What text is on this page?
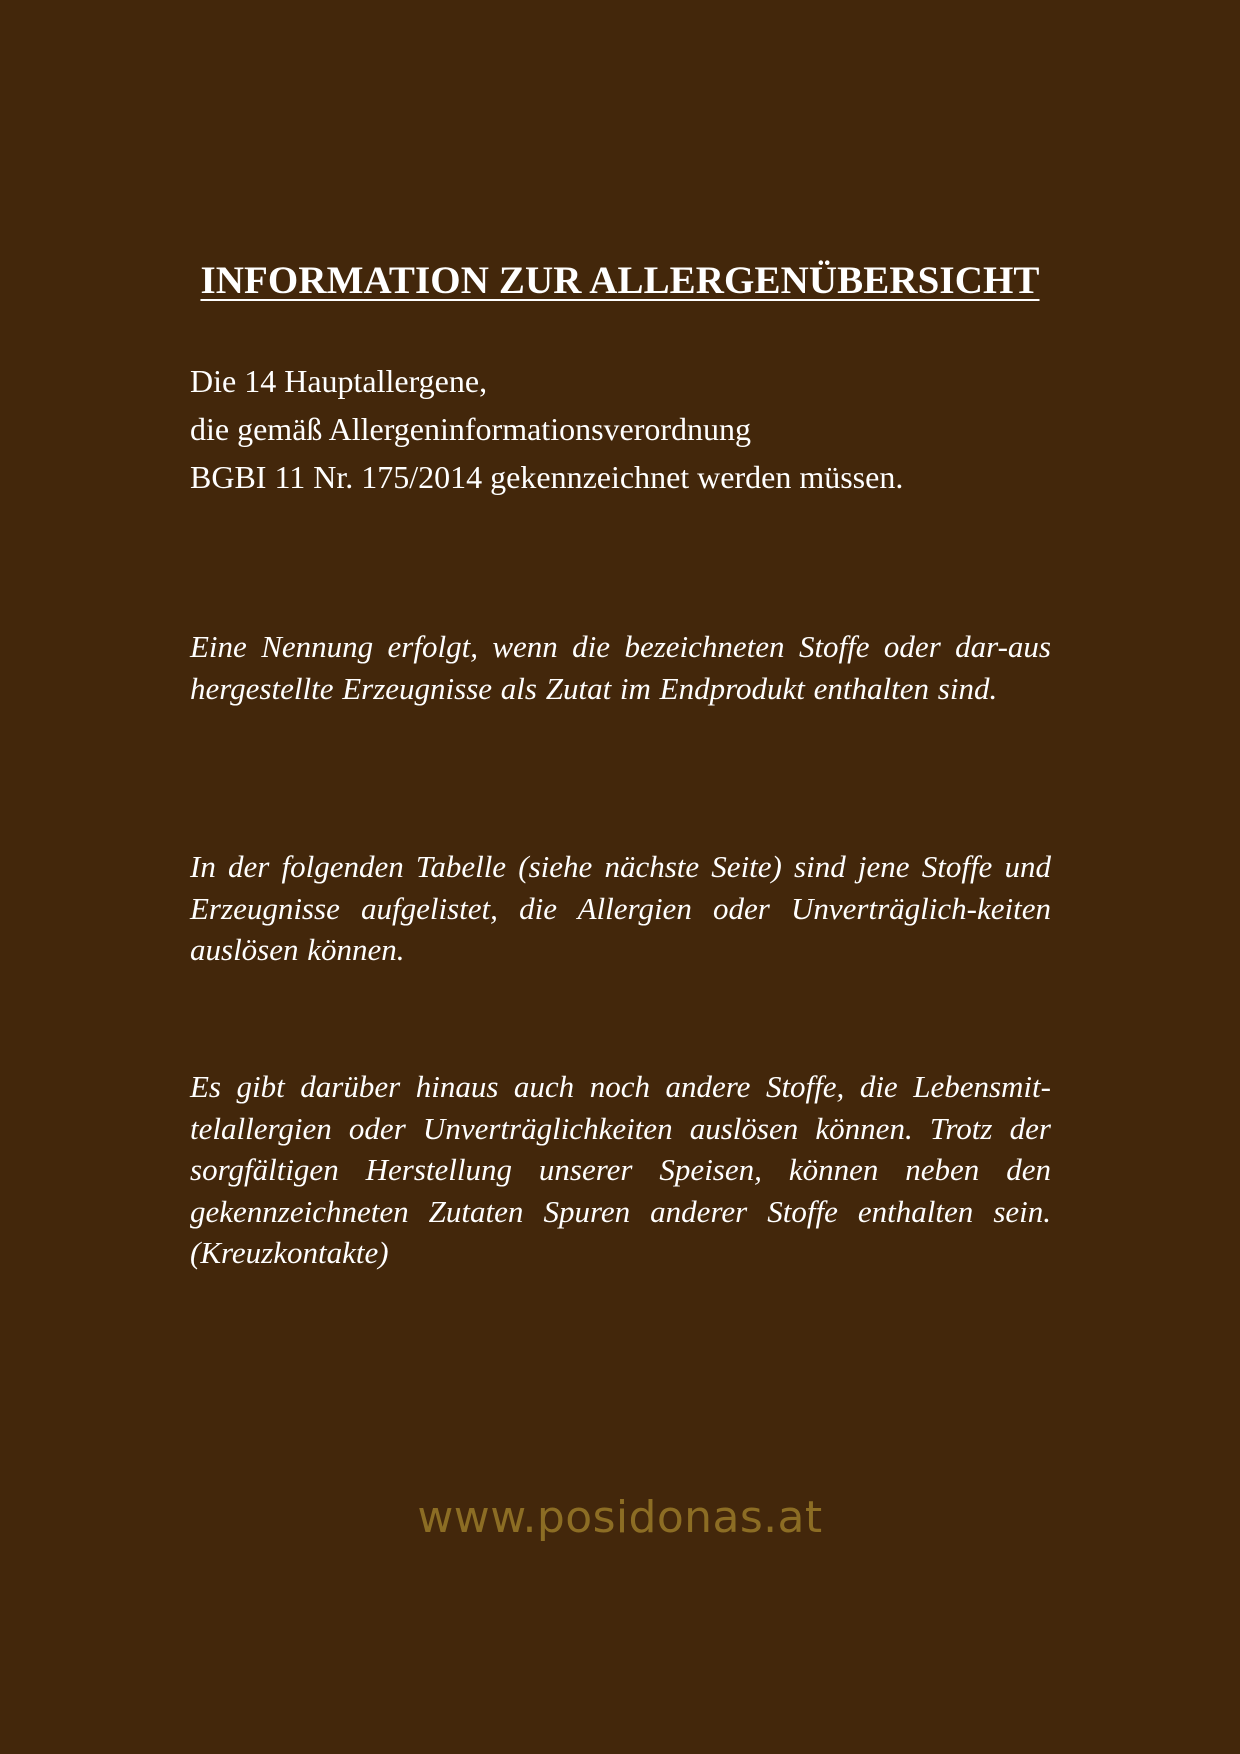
INFORMATION ZUR ALLERGENÜBERSICHT
Die 14 Hauptallergene,
die gemäß Allergeninformationsverordnung
BGBI 11 Nr. 175/2014 gekennzeichnet werden müssen.

Eine Nennung erfolgt, wenn die bezeichneten Stoffe oder dar-aus hergestellte Erzeugnisse als Zutat im Endprodukt enthalten sind.

In der folgenden Tabelle (siehe nächste Seite) sind jene Stoffe und Erzeugnisse aufgelistet, die Allergien oder Unverträglich-keiten auslösen können.

Es gibt darüber hinaus auch noch andere Stoffe, die Lebensmit-telallergien oder Unverträglichkeiten auslösen können. Trotz der sorgfältigen Herstellung unserer Speisen, können neben den gekennzeichneten Zutaten Spuren anderer Stoffe enthalten sein. (Kreuzkontakte)

www.posidonas.at
